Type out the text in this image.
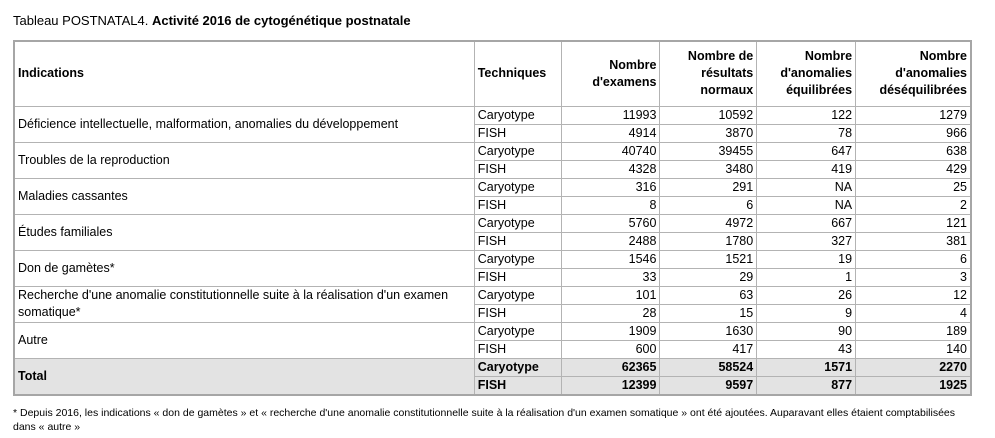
Tableau POSTNATAL4. Activité 2016 de cytogénétique postnatale
Indications	Techniques	Nombre d'examens	Nombre de résultats normaux	Nombre d'anomalies équilibrées	Nombre d'anomalies déséquilibrées
Déficience intellectuelle, malformation, anomalies du développement	Caryotype	11993	10592	122	1279
	FISH	4914	3870	78	966
Troubles de la reproduction	Caryotype	40740	39455	647	638
	FISH	4328	3480	419	429
Maladies cassantes	Caryotype	316	291	NA	25
	FISH	8	6	NA	2
Études familiales	Caryotype	5760	4972	667	121
	FISH	2488	1780	327	381
Don de gamètes*	Caryotype	1546	1521	19	6
	FISH	33	29	1	3
Recherche d'une anomalie constitutionnelle suite à la réalisation d'un examen somatique*	Caryotype	101	63	26	12
	FISH	28	15	9	4
Autre	Caryotype	1909	1630	90	189
	FISH	600	417	43	140
Total	Caryotype	62365	58524	1571	2270
	FISH	12399	9597	877	1925
* Depuis 2016, les indications « don de gamètes » et « recherche d'une anomalie constitutionnelle suite à la réalisation d'un examen somatique » ont été ajoutées. Auparavant elles étaient comptabilisées dans « autre »
